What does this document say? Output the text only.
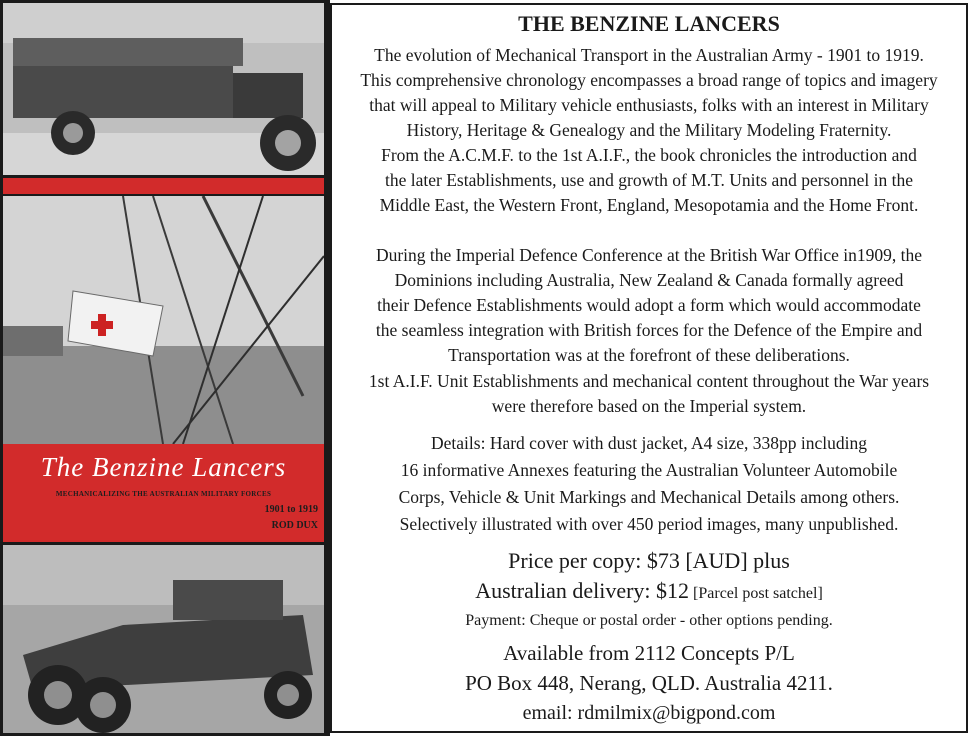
The Benzine Lancers
MECHANICALIZING THE AUSTRALIAN MILITARY FORCES
1901 to 1919
ROD DUX
THE BENZINE LANCERS
The evolution of Mechanical Transport in the Australian Army - 1901 to 1919.
This comprehensive chronology encompasses a broad range of topics and imagery
that will appeal to Military vehicle enthusiasts, folks with an interest in Military
History, Heritage & Genealogy and the Military Modeling Fraternity.
From the A.C.M.F. to the 1st A.I.F., the book chronicles the introduction and
the later Establishments, use and growth of M.T. Units and personnel in the
Middle East, the Western Front, England, Mesopotamia and the Home Front.
During the Imperial Defence Conference at the British War Office in1909, the
Dominions including Australia, New Zealand & Canada formally agreed
their Defence Establishments would adopt a form which would accommodate
the seamless integration with British forces for the Defence of the Empire and
Transportation was at the forefront of these deliberations.
1st A.I.F. Unit Establishments and mechanical content throughout the War years
were therefore based on the Imperial system.
Details: Hard cover with dust jacket, A4 size, 338pp including
16 informative Annexes featuring the Australian Volunteer Automobile
Corps, Vehicle & Unit Markings and Mechanical Details among others.
Selectively illustrated with over 450 period images, many unpublished.
Price per copy: $73 [AUD] plus
Australian delivery: $12 [Parcel post satchel]
Payment: Cheque or postal order - other options pending.
Available from 2112 Concepts P/L
PO Box 448, Nerang, QLD. Australia 4211.
email: rdmilmix@bigpond.com
